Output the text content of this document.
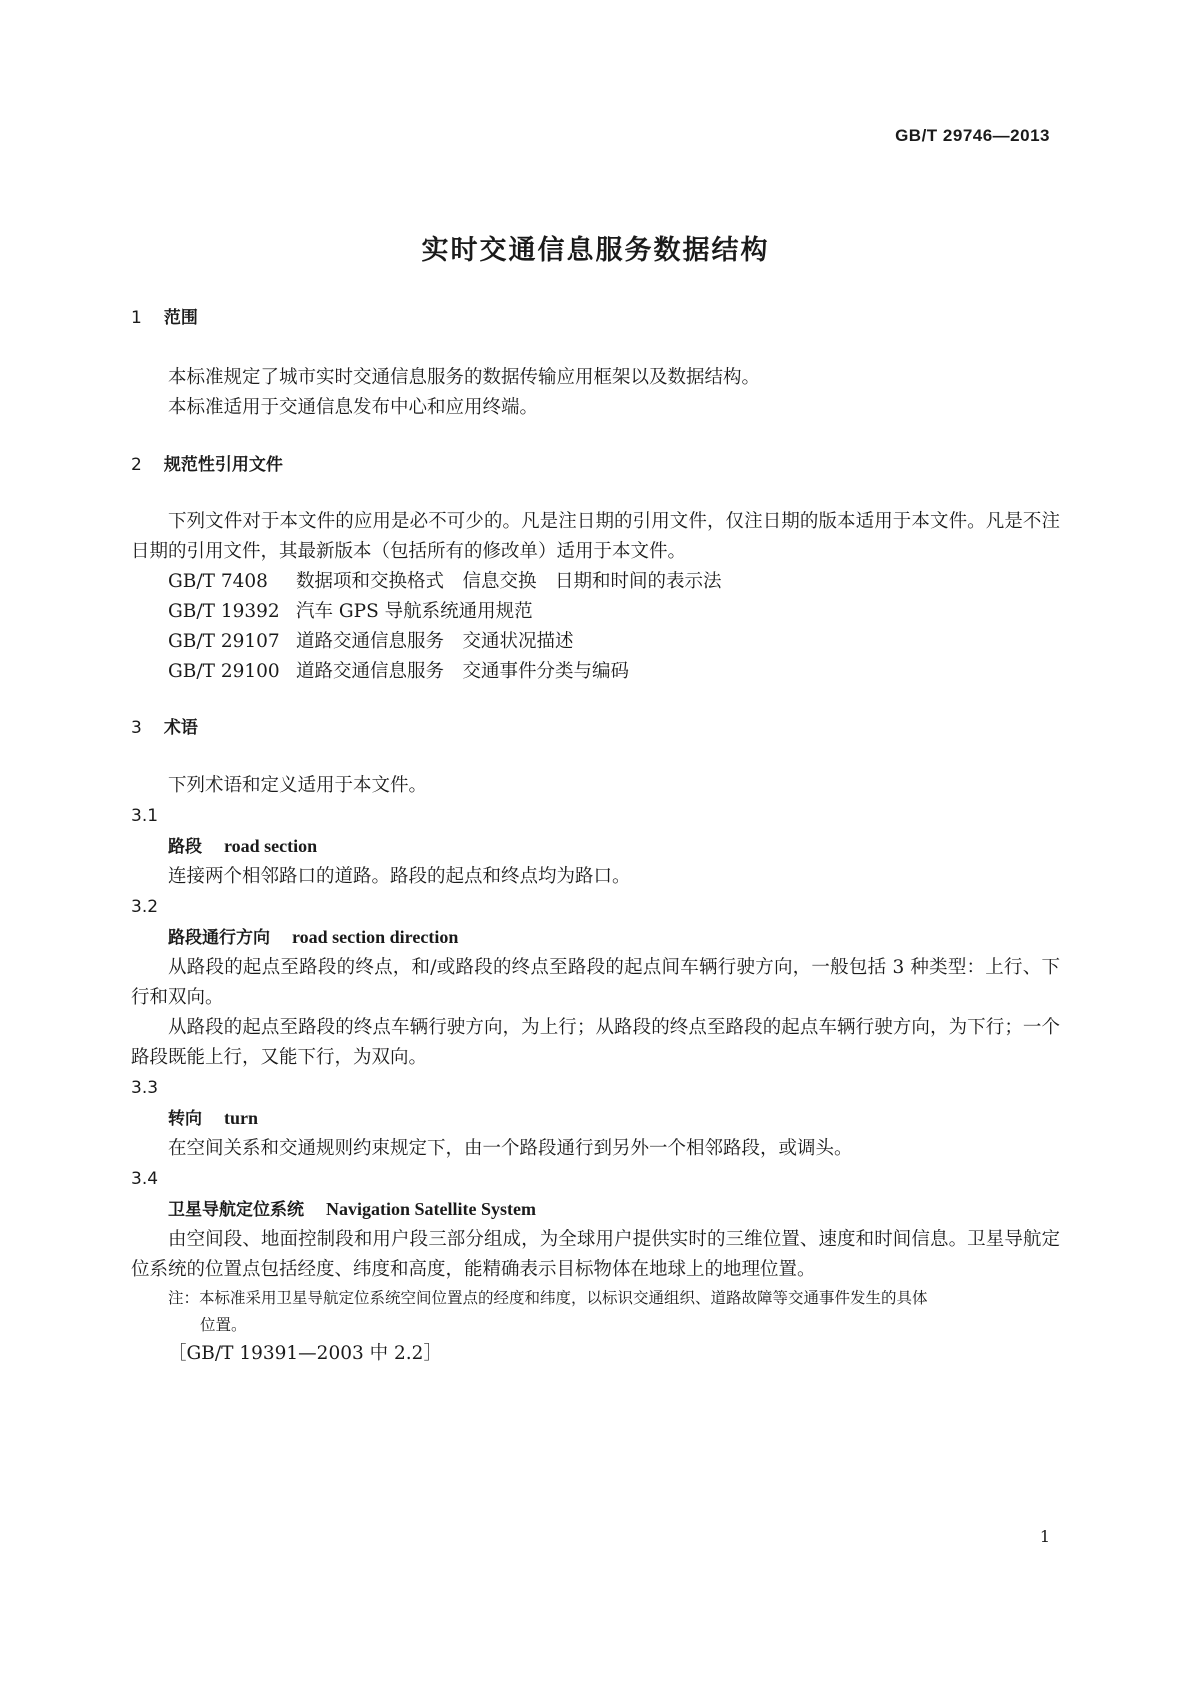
GB/T 29746—2013
实时交通信息服务数据结构
1 范围
本标准规定了城市实时交通信息服务的数据传输应用框架以及数据结构。
本标准适用于交通信息发布中心和应用终端。
2 规范性引用文件
下列文件对于本文件的应用是必不可少的。凡是注日期的引用文件，仅注日期的版本适用于本文件。凡是不注日期的引用文件，其最新版本（包括所有的修改单）适用于本文件。
GB/T 7408 数据项和交换格式　信息交换　日期和时间的表示法
GB/T 19392 汽车 GPS 导航系统通用规范
GB/T 29107 道路交通信息服务　交通状况描述
GB/T 29100 道路交通信息服务　交通事件分类与编码
3 术语
下列术语和定义适用于本文件。
3.1
路段 road section
连接两个相邻路口的道路。路段的起点和终点均为路口。
3.2
路段通行方向 road section direction
从路段的起点至路段的终点，和/或路段的终点至路段的起点间车辆行驶方向，一般包括 3 种类型：上行、下行和双向。
从路段的起点至路段的终点车辆行驶方向，为上行；从路段的终点至路段的起点车辆行驶方向，为下行；一个路段既能上行，又能下行，为双向。
3.3
转向 turn
在空间关系和交通规则约束规定下，由一个路段通行到另外一个相邻路段，或调头。
3.4
卫星导航定位系统 Navigation Satellite System
由空间段、地面控制段和用户段三部分组成，为全球用户提供实时的三维位置、速度和时间信息。卫星导航定位系统的位置点包括经度、纬度和高度，能精确表示目标物体在地球上的地理位置。
注：本标准采用卫星导航定位系统空间位置点的经度和纬度，以标识交通组织、道路故障等交通事件发生的具体
位置。
［GB/T 19391—2003 中 2.2］
1
